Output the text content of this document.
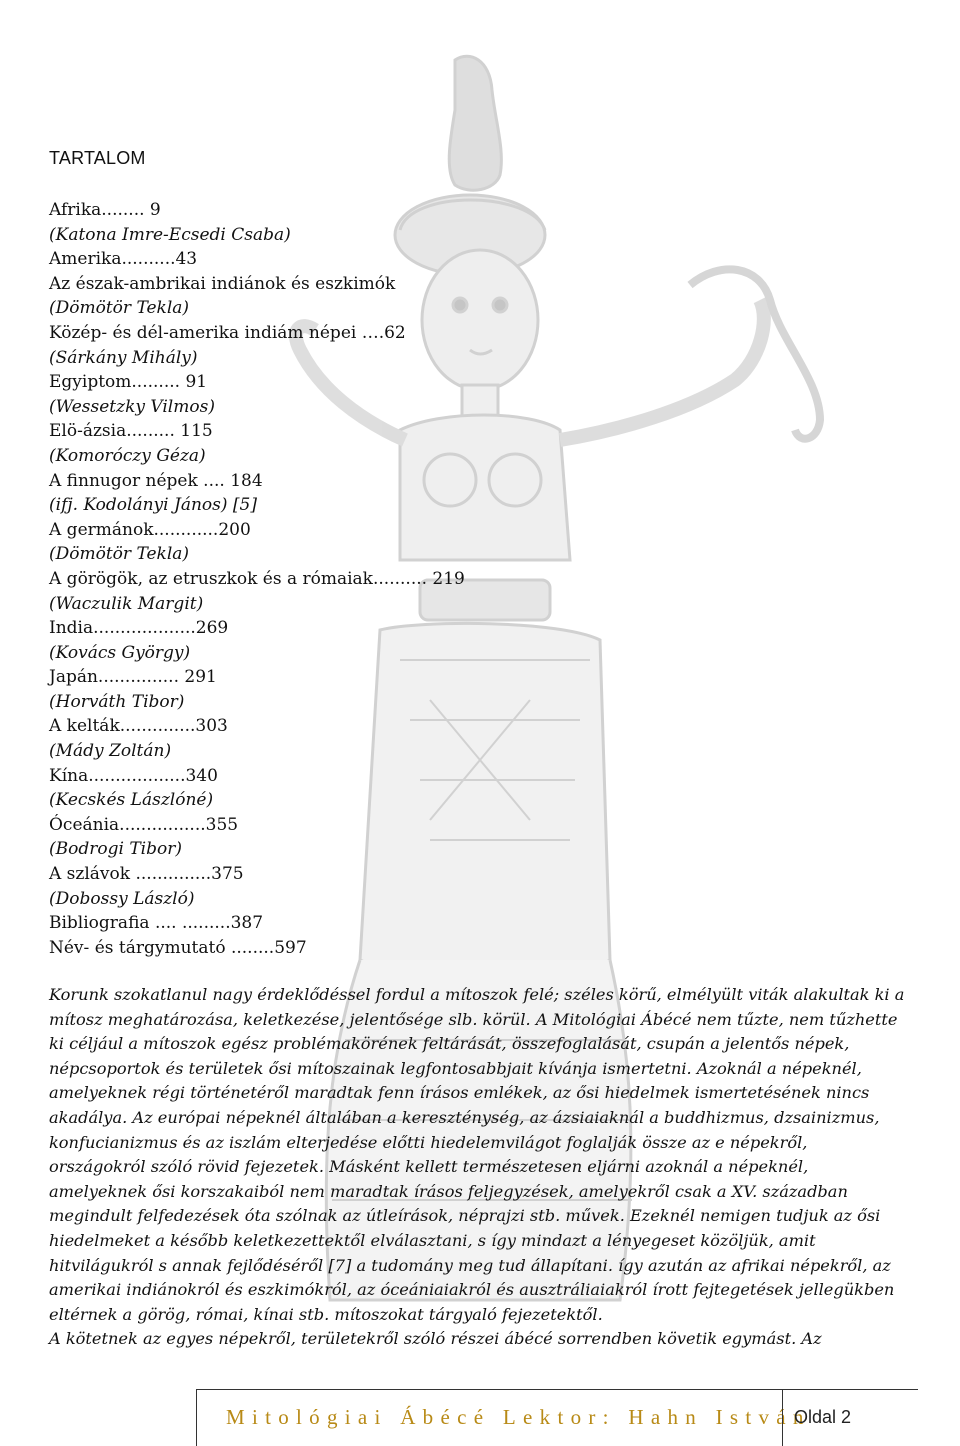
TARTALOM
Afrika........ 9
(Katona Imre-Ecsedi Csaba)
Amerika..........43
Az észak-ambrikai indiánok és eszkimók
(Dömötör Tekla)
Közép- és dél-amerika indiám népei ….62
(Sárkány Mihály)
Egyiptom......... 91
(Wessetzky Vilmos)
Elö-ázsia......... 115
(Komoróczy Géza)
A finnugor népek .... 184
(ifj. Kodolányi János) [5]
A germánok............200
(Dömötör Tekla)
A görögök, az etruszkok és a rómaiak.......... 219
(Waczulik Margit)
India...................269
(Kovács György)
Japán............... 291
(Horváth Tibor)
A kelták..............303
(Mády Zoltán)
Kína..................340
(Kecskés Lászlóné)
Óceánia................355
(Bodrogi Tibor)
A szlávok ..............375
(Dobossy László)
Bibliografia .... .........387
Név- és tárgymutató ........597

Korunk szokatlanul nagy érdeklődéssel fordul a mítoszok felé; széles körű, elmélyült viták alakultak ki a mítosz meghatározása, keletkezése, jelentősége slb. körül. A Mitológiai Ábécé nem tűzte, nem tűzhette ki céljául a mítoszok egész problémakörének feltárását, összefoglalását, csupán a jelentős népek, népcsoportok és területek ősi mítoszainak legfontosabbjait kívánja ismertetni. Azoknál a népeknél, amelyeknek régi történetéről maradtak fenn írásos emlékek, az ősi hiedelmek ismertetésének nincs akadálya. Az európai népeknél általában a kereszténység, az ázsiaiaknál a buddhizmus, dzsainizmus, konfucianizmus és az iszlám elterjedése előtti hiedelemvilágot foglalják össze az e népekről, országokról szóló rövid fejezetek. Másként kellett természetesen eljárni azoknál a népeknél, amelyeknek ősi korszakaiból nem maradtak írásos feljegyzések, amelyekről csak a XV. században megindult felfedezések óta szólnak az útleírások, néprajzi stb. művek. Ezeknél nemigen tudjuk az ősi hiedelmeket a később keletkezettektől elválasztani, s így mindazt a lényegeset közöljük, amit hitvilágukról s annak fejlődéséről [7] a tudomány meg tud állapítani. így azután az afrikai népekről, az amerikai indiánokról és eszkimókról, az óceániaiakról és ausztráliaiakról írott fejtegetések jellegükben eltérnek a görög, római, kínai stb. mítoszokat tárgyaló fejezetektől.

A kötetnek az egyes népekről, területekről szóló részei ábécé sorrendben követik egymást. Az

Mitológiai Ábécé Lektor: Hahn István
Oldal 2
